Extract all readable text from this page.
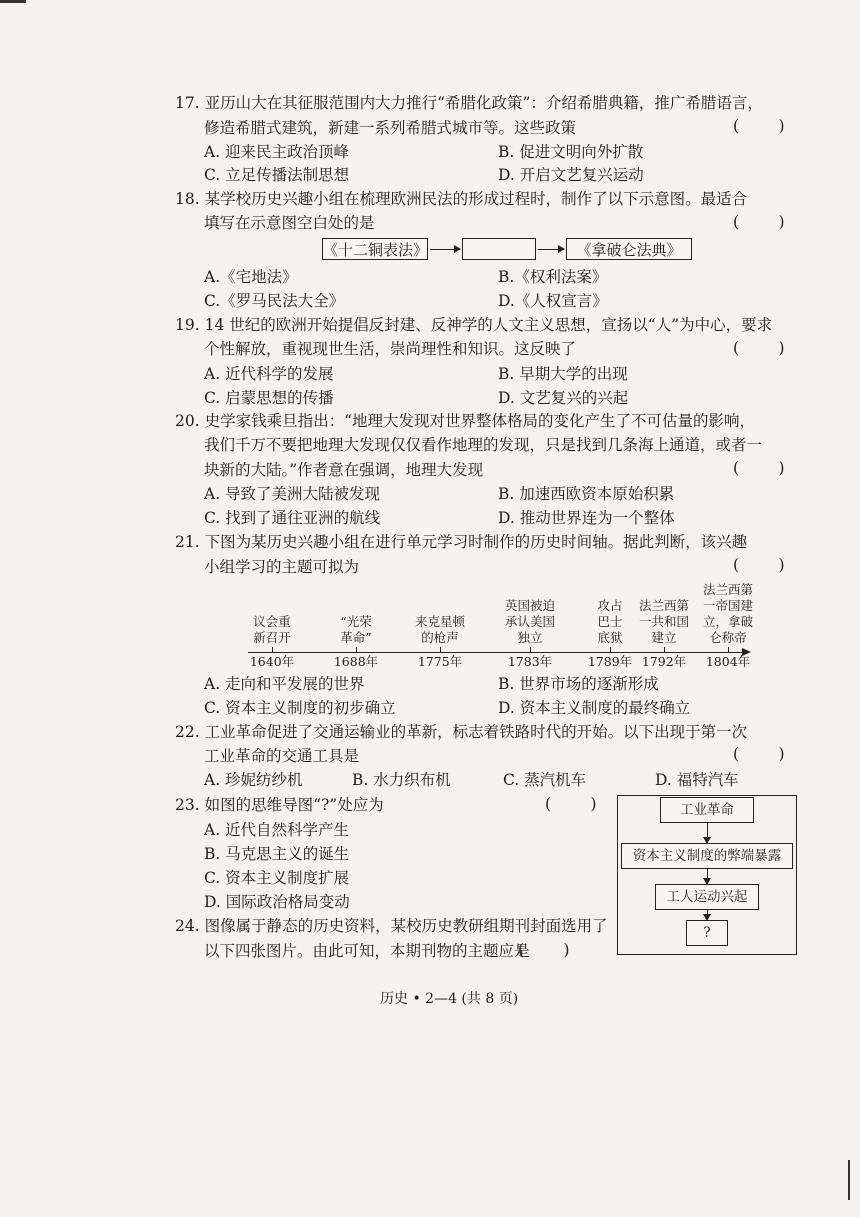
17. 亚历山大在其征服范围内大力推行“希腊化政策”：介绍希腊典籍，推广希腊语言，
修造希腊式建筑，新建一系列希腊式城市等。这些政策	(        )
A. 迎来民主政治顶峰	B. 促进文明向外扩散
C. 立足传播法制思想	D. 开启文艺复兴运动
18. 某学校历史兴趣小组在梳理欧洲民法的形成过程时，制作了以下示意图。最适合
填写在示意图空白处的是	(        )
《十二铜表法》	《拿破仑法典》
A.《宅地法》	B.《权利法案》
C.《罗马民法大全》	D.《人权宣言》
19. 14 世纪的欧洲开始提倡反封建、反神学的人文主义思想，宣扬以“人”为中心，要求
个性解放，重视现世生活，崇尚理性和知识。这反映了	(        )
A. 近代科学的发展	B. 早期大学的出现
C. 启蒙思想的传播	D. 文艺复兴的兴起
20. 史学家钱乘旦指出：“地理大发现对世界整体格局的变化产生了不可估量的影响，
我们千万不要把地理大发现仅仅看作地理的发现，只是找到几条海上通道，或者一
块新的大陆。”作者意在强调，地理大发现	(        )
A. 导致了美洲大陆被发现	B. 加速西欧资本原始积累
C. 找到了通往亚洲的航线	D. 推动世界连为一个整体
21. 下图为某历史兴趣小组在进行单元学习时制作的历史时间轴。据此判断，该兴趣
(        )
小组学习的主题可拟为
议会重
新召开
1640年
“光荣
革命”
1688年
来克星顿
的枪声
1775年
英国被迫
承认美国
独立
1783年
攻占
巴士
底狱
1789年
法兰西第
一共和国
建立
1792年
法兰西第
一帝国建
立，拿破
仑称帝
1804年
A. 走向和平发展的世界	B. 世界市场的逐渐形成
C. 资本主义制度的初步确立	D. 资本主义制度的最终确立
22. 工业革命促进了交通运输业的革新，标志着铁路时代的开始。以下出现于第一次
工业革命的交通工具是	(        )
A. 珍妮纺纱机	B. 水力织布机	C. 蒸汽机车	D. 福特汽车
23. 如图的思维导图“?”处应为	(        )
A. 近代自然科学产生
B. 马克思主义的诞生
C. 资本主义制度扩展
D. 国际政治格局变动
工业革命
资本主义制度的弊端暴露
工人运动兴起
?
24. 图像属于静态的历史资料，某校历史教研组期刊封面选用了
以下四张图片。由此可知，本期刊物的主题应是
(        )
历史 • 2—4 (共 8 页)
